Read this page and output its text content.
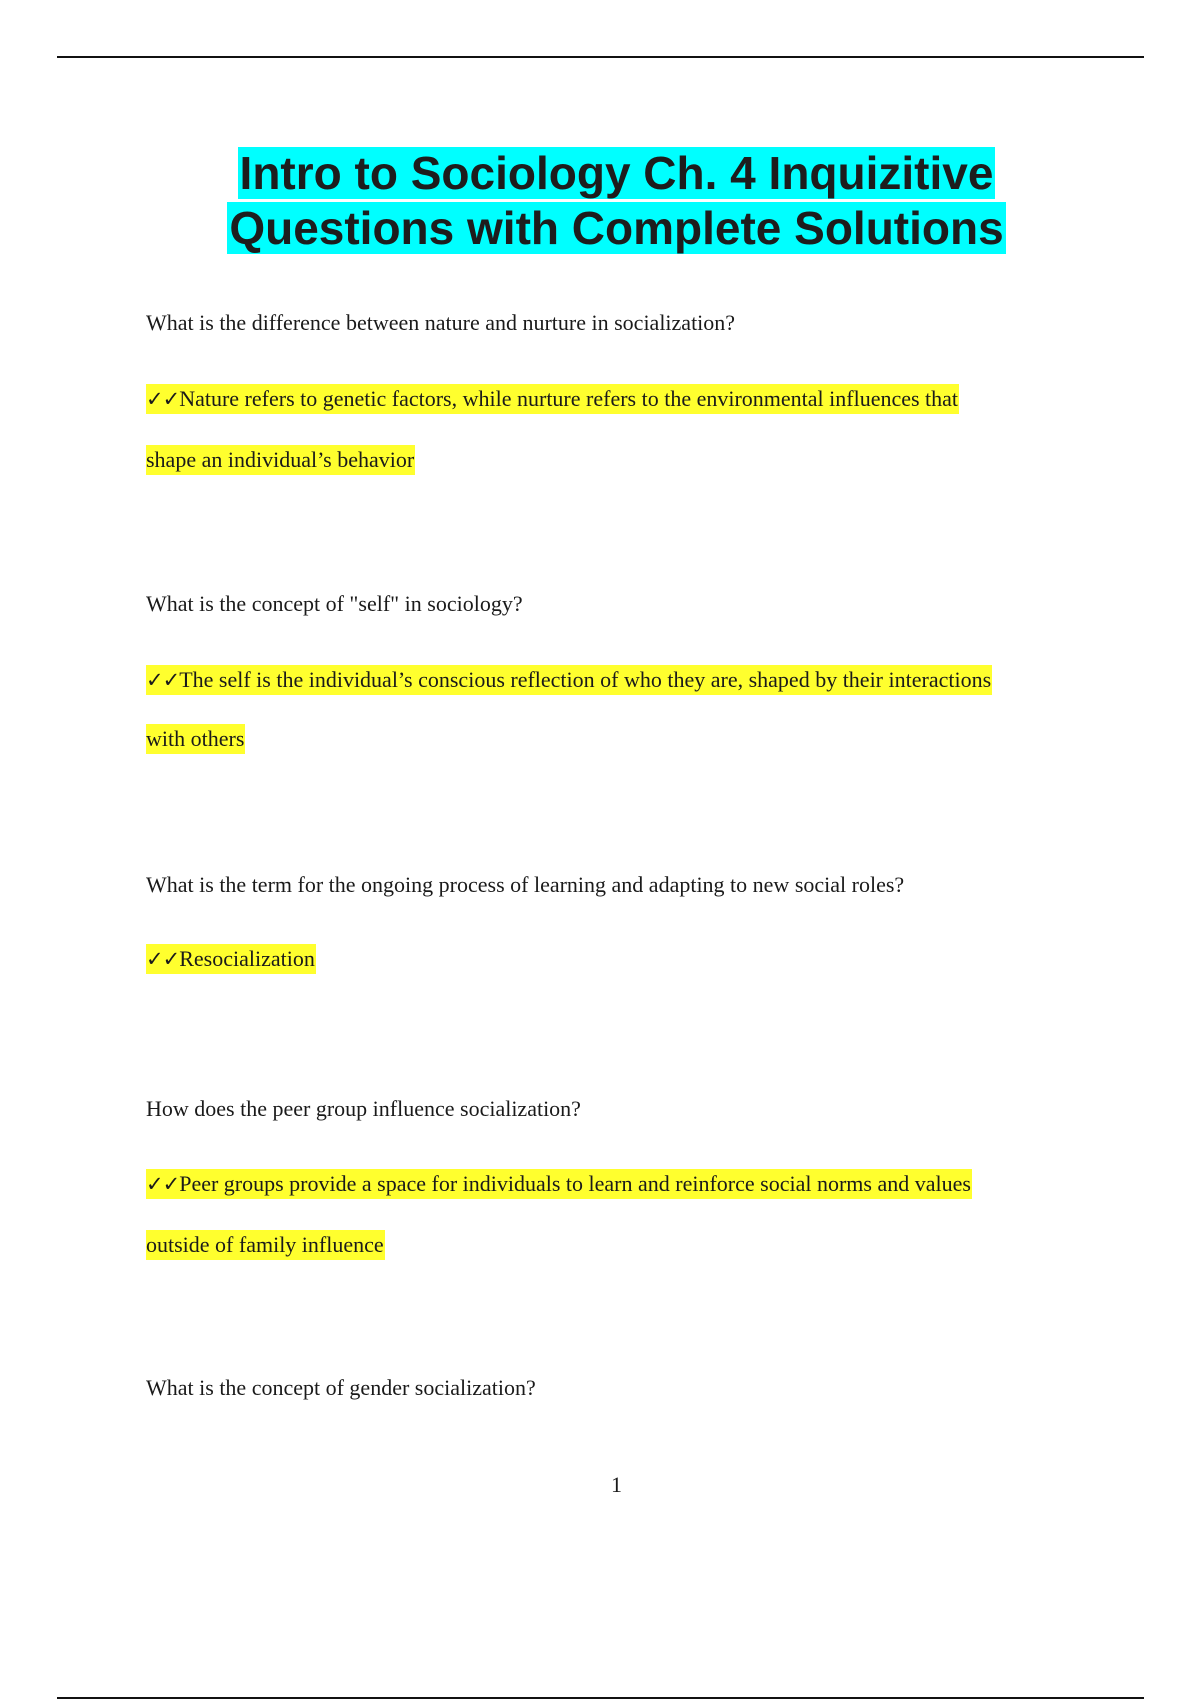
Intro to Sociology Ch. 4 Inquizitive
Questions with Complete Solutions

What is the difference between nature and nurture in socialization?

✓✓Nature refers to genetic factors, while nurture refers to the environmental influences that

shape an individual’s behavior

What is the concept of "self" in sociology?

✓✓The self is the individual’s conscious reflection of who they are, shaped by their interactions

with others

What is the term for the ongoing process of learning and adapting to new social roles?

✓✓Resocialization

How does the peer group influence socialization?

✓✓Peer groups provide a space for individuals to learn and reinforce social norms and values

outside of family influence

What is the concept of gender socialization?

1
